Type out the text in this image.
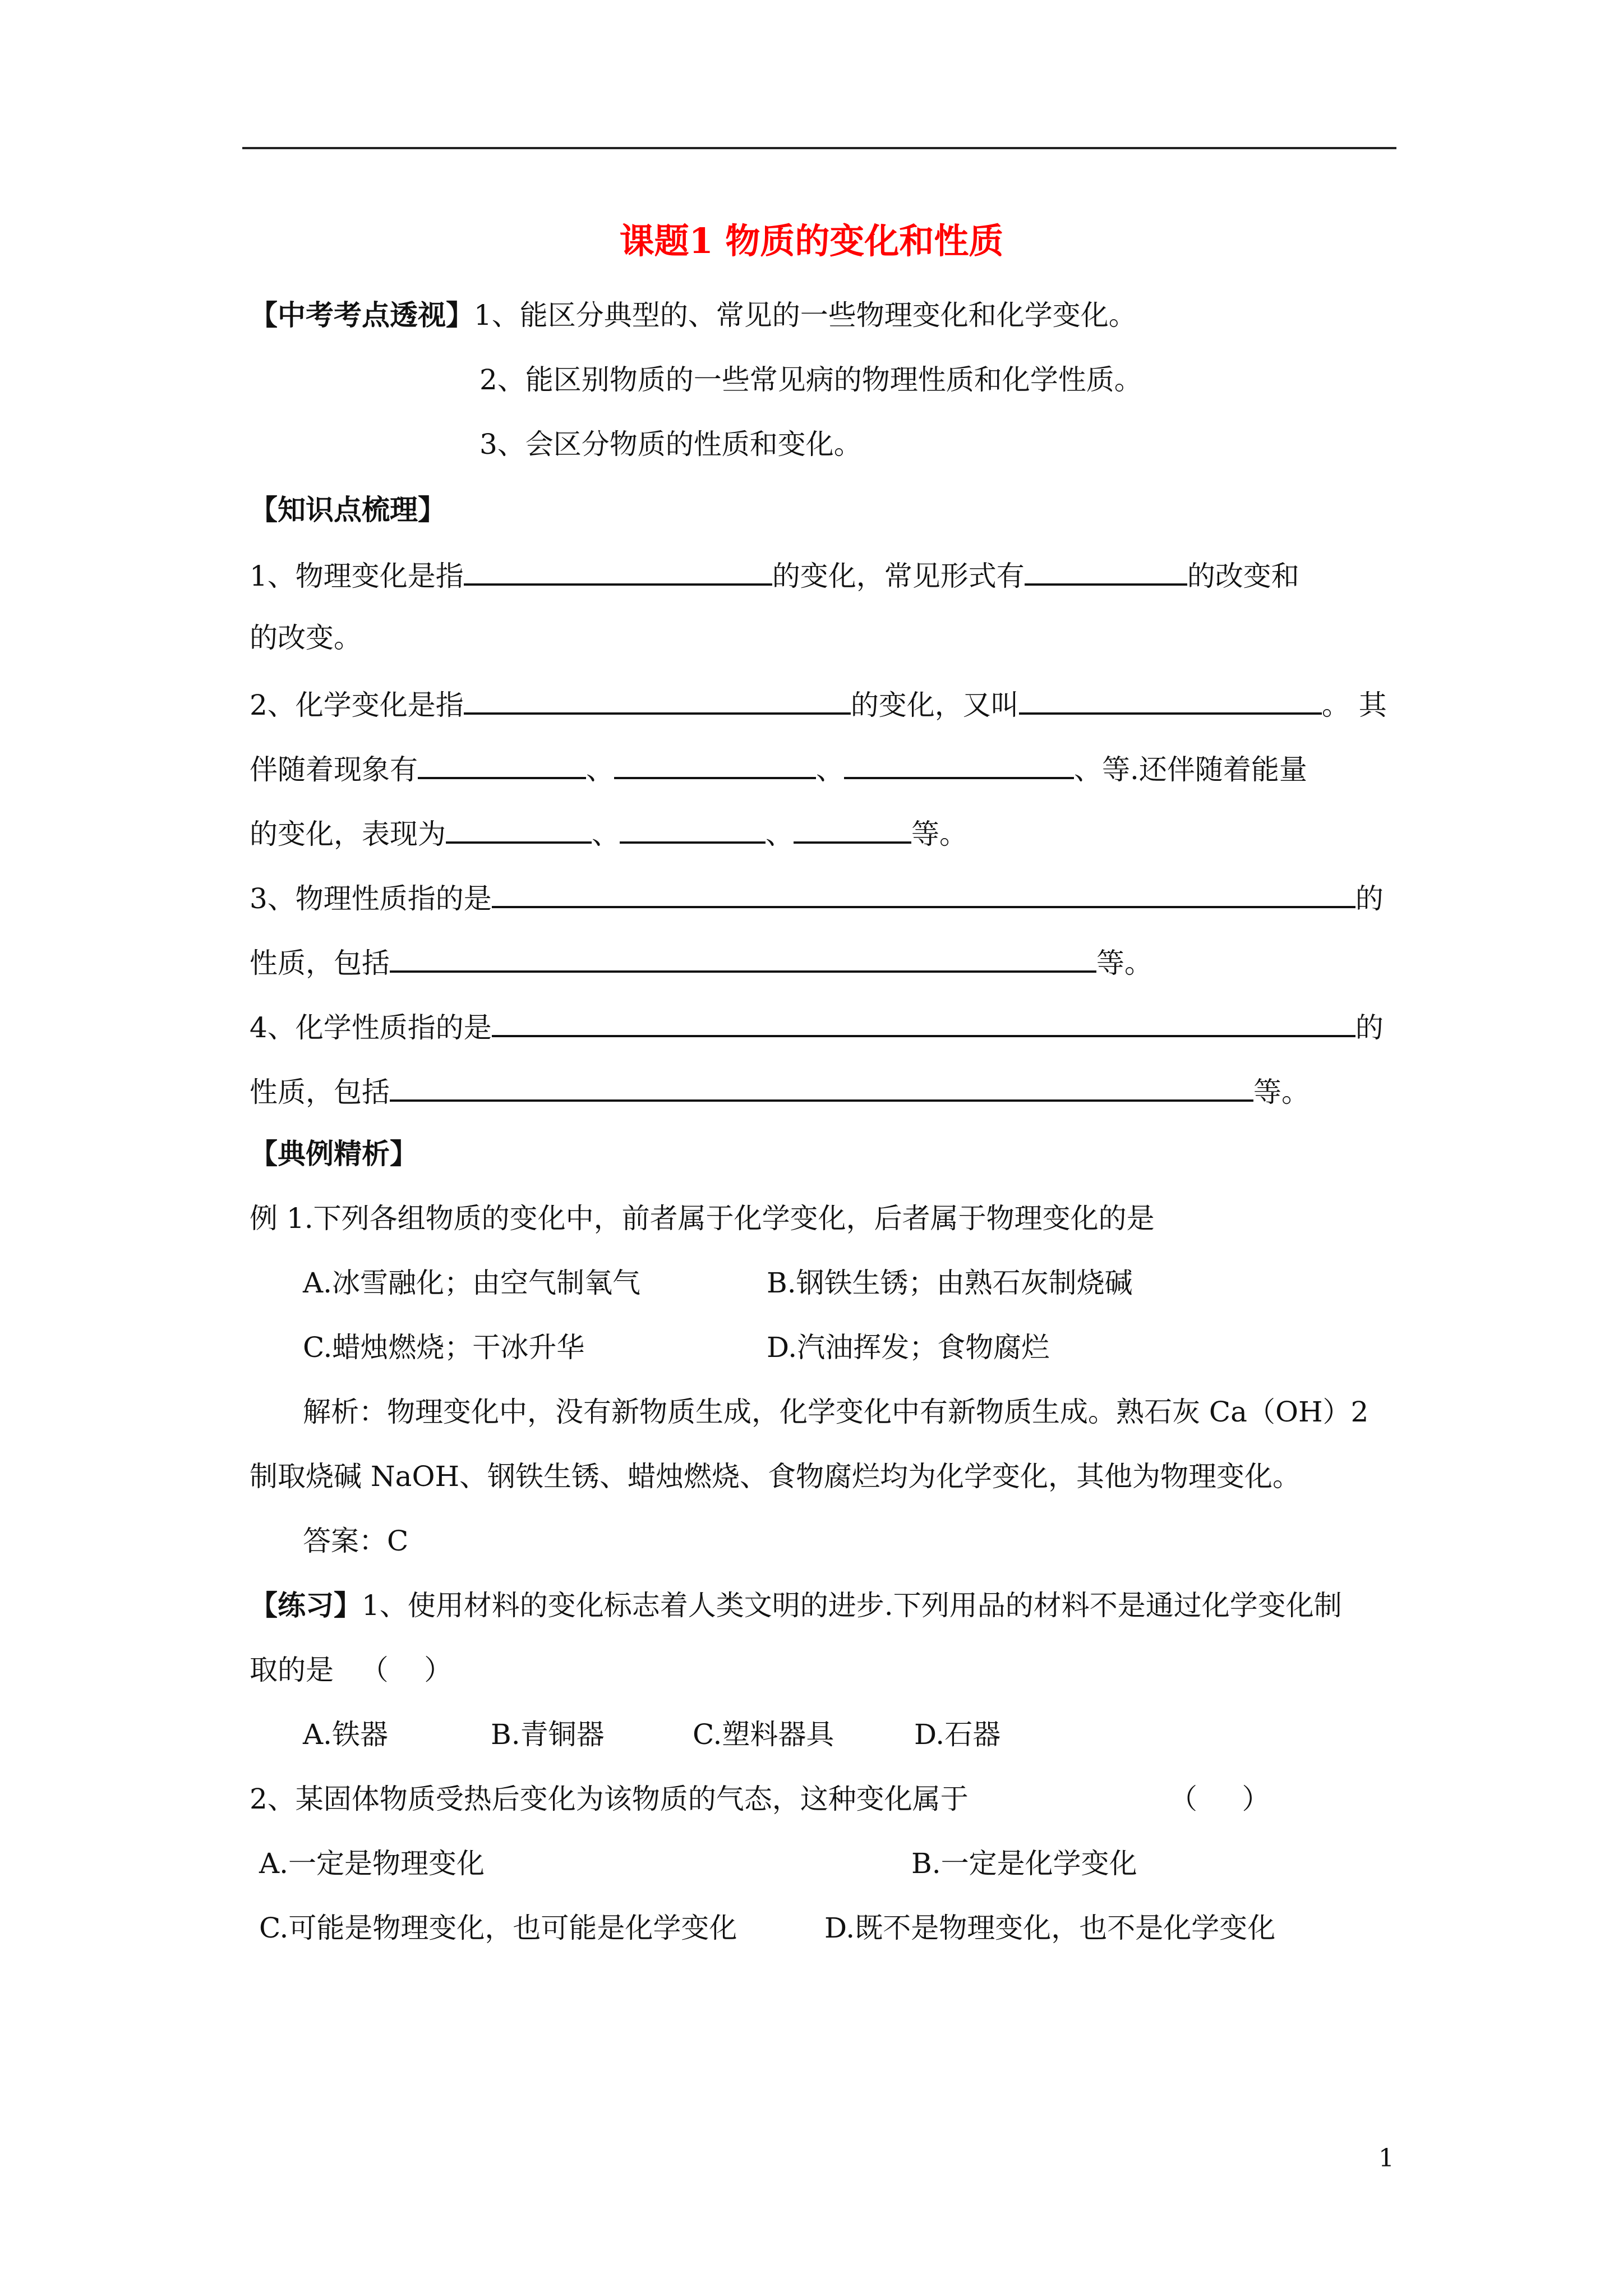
课题1 物质的变化和性质
【中考考点透视】1、能区分典型的、常见的一些物理变化和化学变化。
2、能区别物质的一些常见病的物理性质和化学性质。
3、会区分物质的性质和变化。
【知识点梳理】
1、物理变化是指	的变化，常见形式有	的改变和
的改变。
2、化学变化是指	的变化，又叫	。 其
伴随着现象有	、	、	、等.还伴随着能量
的变化，表现为	、	、	等。
3、物理性质指的是	的
性质，包括	等。
4、化学性质指的是	的
性质，包括	等。
【典例精析】
例 1.下列各组物质的变化中，前者属于化学变化，后者属于物理变化的是
A.冰雪融化；由空气制氧气	B.钢铁生锈；由熟石灰制烧碱
C.蜡烛燃烧；干冰升华	D.汽油挥发；食物腐烂
解析：物理变化中，没有新物质生成，化学变化中有新物质生成。熟石灰 Ca（OH）2
制取烧碱 NaOH、钢铁生锈、蜡烛燃烧、食物腐烂均为化学变化，其他为物理变化。
答案：C
【练习】1、使用材料的变化标志着人类文明的进步.下列用品的材料不是通过化学变化制
取的是   （    ）
A.铁器	B.青铜器	C.塑料器具	D.石器
2、某固体物质受热后变化为该物质的气态，这种变化属于	（     ）
A.一定是物理变化	B.一定是化学变化
C.可能是物理变化，也可能是化学变化	D.既不是物理变化，也不是化学变化
1
